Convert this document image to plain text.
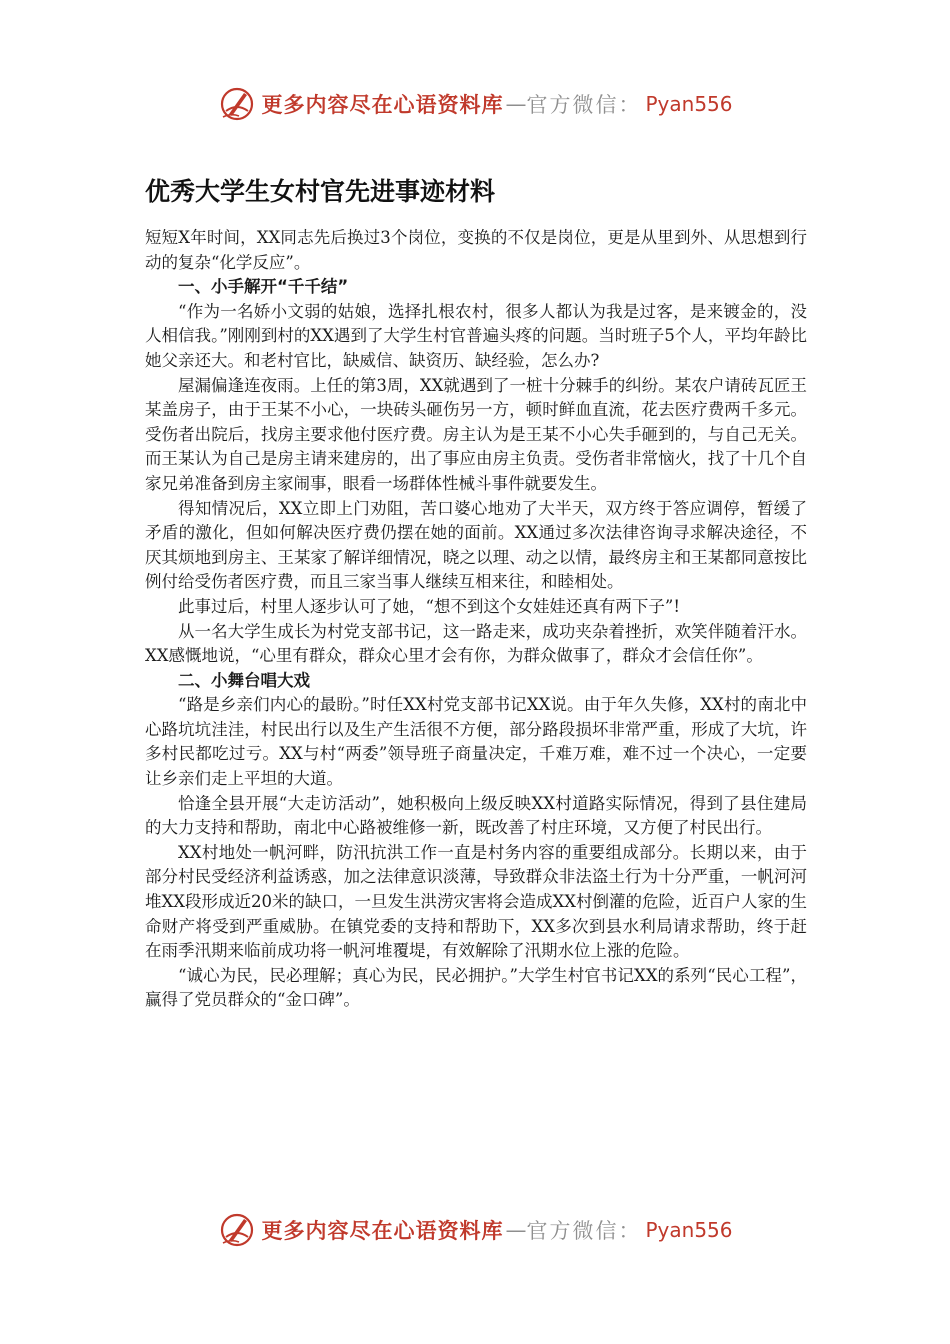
更多内容尽在心语资料库 — 官方微信： Pyan556
优秀大学生女村官先进事迹材料

短短X年时间，XX同志先后换过3个岗位，变换的不仅是岗位，更是从里到外、从思想到行动的复杂“化学反应”。

一、小手解开“千千结”

“作为一名娇小文弱的姑娘，选择扎根农村，很多人都认为我是过客，是来镀金的，没人相信我。”刚刚到村的XX遇到了大学生村官普遍头疼的问题。当时班子5个人，平均年龄比她父亲还大。和老村官比，缺威信、缺资历、缺经验，怎么办?

屋漏偏逢连夜雨。上任的第3周，XX就遇到了一桩十分棘手的纠纷。某农户请砖瓦匠王某盖房子，由于王某不小心，一块砖头砸伤另一方，顿时鲜血直流，花去医疗费两千多元。受伤者出院后，找房主要求他付医疗费。房主认为是王某不小心失手砸到的，与自己无关。而王某认为自己是房主请来建房的，出了事应由房主负责。受伤者非常恼火，找了十几个自家兄弟准备到房主家闹事，眼看一场群体性械斗事件就要发生。

得知情况后，XX立即上门劝阻，苦口婆心地劝了大半天，双方终于答应调停，暂缓了矛盾的激化，但如何解决医疗费仍摆在她的面前。XX通过多次法律咨询寻求解决途径，不厌其烦地到房主、王某家了解详细情况，晓之以理、动之以情，最终房主和王某都同意按比例付给受伤者医疗费，而且三家当事人继续互相来往，和睦相处。

此事过后，村里人逐步认可了她，“想不到这个女娃娃还真有两下子”!

从一名大学生成长为村党支部书记，这一路走来，成功夹杂着挫折，欢笑伴随着汗水。XX感慨地说，“心里有群众，群众心里才会有你，为群众做事了，群众才会信任你”。

二、小舞台唱大戏

“路是乡亲们内心的最盼。”时任XX村党支部书记XX说。由于年久失修，XX村的南北中心路坑坑洼洼，村民出行以及生产生活很不方便，部分路段损坏非常严重，形成了大坑，许多村民都吃过亏。XX与村“两委”领导班子商量决定，千难万难，难不过一个决心，一定要让乡亲们走上平坦的大道。

恰逢全县开展“大走访活动”，她积极向上级反映XX村道路实际情况，得到了县住建局的大力支持和帮助，南北中心路被维修一新，既改善了村庄环境，又方便了村民出行。

XX村地处一帆河畔，防汛抗洪工作一直是村务内容的重要组成部分。长期以来，由于部分村民受经济利益诱惑，加之法律意识淡薄，导致群众非法盗土行为十分严重，一帆河河堆XX段形成近20米的缺口，一旦发生洪涝灾害将会造成XX村倒灌的危险，近百户人家的生命财产将受到严重威胁。在镇党委的支持和帮助下，XX多次到县水利局请求帮助，终于赶在雨季汛期来临前成功将一帆河堆覆堤，有效解除了汛期水位上涨的危险。

“诚心为民，民必理解；真心为民，民必拥护。”大学生村官书记XX的系列“民心工程”，赢得了党员群众的“金口碑”。

更多内容尽在心语资料库 — 官方微信： Pyan556
